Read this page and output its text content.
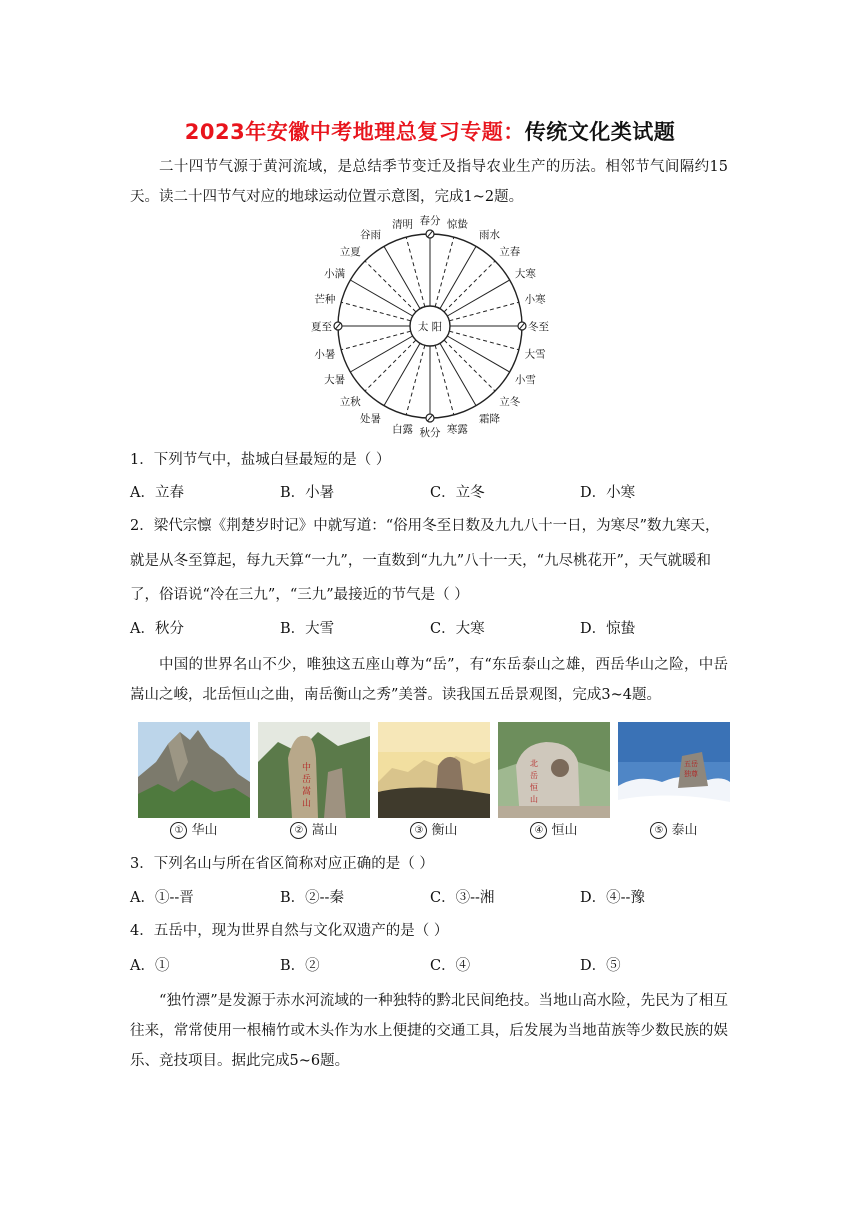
2023年安徽中考地理总复习专题：传统文化类试题
二十四节气源于黄河流域，是总结季节变迁及指导农业生产的历法。相邻节气间隔约15天。读二十四节气对应的地球运动位置示意图，完成1~2题。
太 阳
春分 惊蛰
雨水
立春
大寒
小寒
冬至
大雪
小雪
立冬
霜降
寒露
秋分
白露
处暑
立秋
大暑
小暑
夏至
芒种
小满
立夏
谷雨
清明
1．下列节气中，盐城白昼最短的是（ ）
A．立春	B．小暑	C．立冬	D．小寒
2．梁代宗懔《荆楚岁时记》中就写道：“俗用冬至日数及九九八十一日，为寒尽”数九寒天，
就是从冬至算起，每九天算“一九”，一直数到“九九”八十一天，“九尽桃花开”，天气就暖和
了，俗语说“冷在三九”，“三九”最接近的节气是（ ）
A．秋分	B．大雪	C．大寒	D．惊蛰
中国的世界名山不少，唯独这五座山尊为“岳”，有“东岳泰山之雄，西岳华山之险，中岳嵩山之峻，北岳恒山之曲，南岳衡山之秀”美誉。读我国五岳景观图，完成3~4题。
① 华山
中
岳
嵩
山
② 嵩山	③ 衡山
北
岳
恒
山
④ 恒山
五岳
独尊
⑤ 泰山
3．下列名山与所在省区简称对应正确的是（ ）
A．①--晋	B．②--秦	C．③--湘	D．④--豫
4．五岳中，现为世界自然与文化双遗产的是（ ）
A．①	B．②	C．④	D．⑤
“独竹漂”是发源于赤水河流域的一种独特的黔北民间绝技。当地山高水险，先民为了相互往来，常常使用一根楠竹或木头作为水上便捷的交通工具，后发展为当地苗族等少数民族的娱乐、竞技项目。据此完成5~6题。
